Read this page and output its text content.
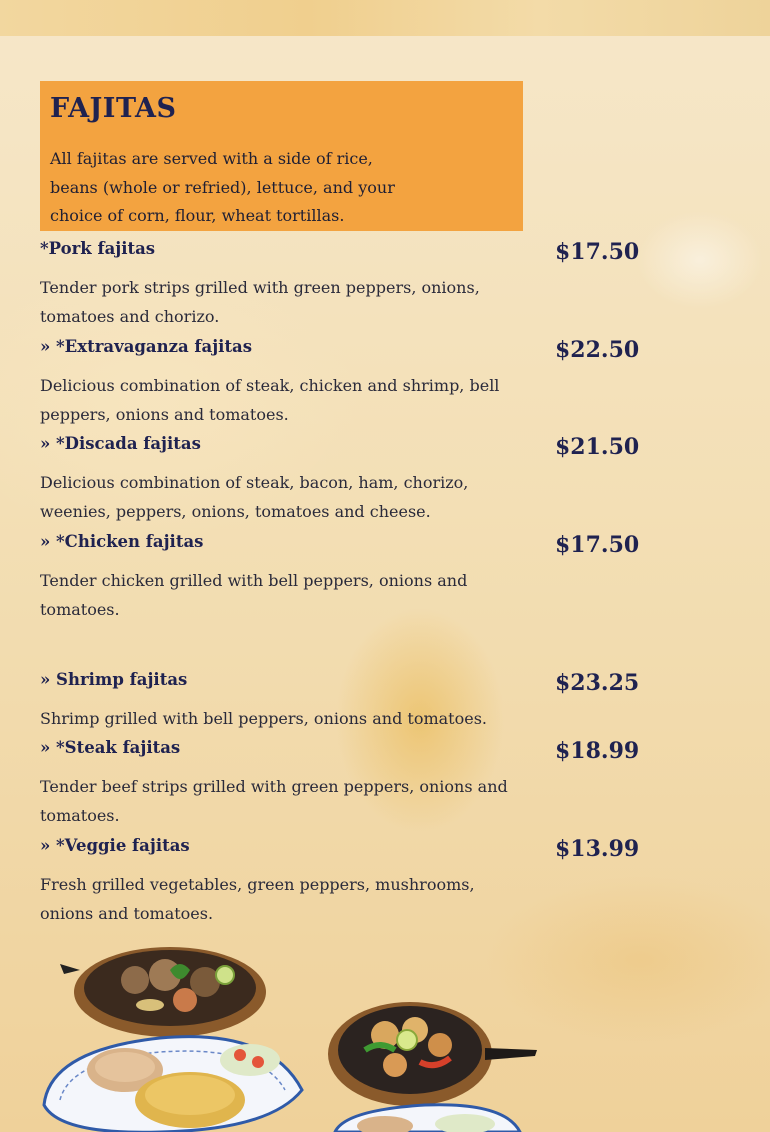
FAJITAS
All fajitas are served with a side of rice, beans (whole or refried), lettuce, and your choice of corn, flour, wheat tortillas.
*Pork fajitas	$17.50
Tender pork strips grilled with green peppers, onions, tomatoes and chorizo.
» *Extravaganza fajitas	$22.50
Delicious combination of steak, chicken and shrimp, bell peppers, onions and tomatoes.
» *Discada fajitas	$21.50
Delicious combination of steak, bacon, ham, chorizo, weenies, peppers, onions, tomatoes and cheese.
» *Chicken fajitas	$17.50
Tender chicken grilled with bell peppers, onions and tomatoes.
» Shrimp fajitas	$23.25
Shrimp grilled with bell peppers, onions and tomatoes.
» *Steak fajitas	$18.99
Tender beef strips grilled with green peppers, onions and tomatoes.
» *Veggie fajitas	$13.99
Fresh grilled vegetables, green peppers, mushrooms, onions and tomatoes.
